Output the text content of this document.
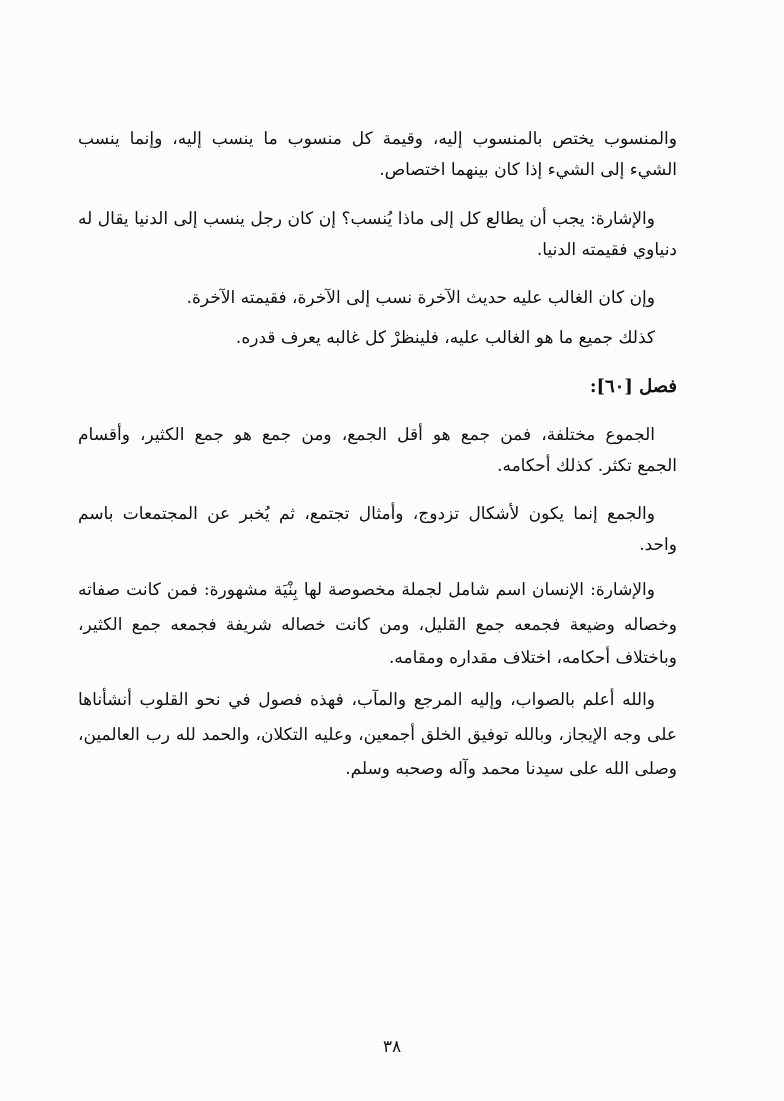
والمنسوب يختص بالمنسوب إليه، وقيمة كل منسوب ما ينسب إليه، وإنما ينسب
الشيء إلى الشيء إذا كان بينهما اختصاص.
والإشارة: يجب أن يطالع كل إلى ماذا يُنسب؟ إن كان رجل ينسب إلى الدنيا يقال له
دنياوي فقيمته الدنيا.
وإن كان الغالب عليه حديث الآخرة نسب إلى الآخرة، فقيمته الآخرة.
كذلك جميع ما هو الغالب عليه، فلينظرْ كل غالبه يعرف قدره.
فصل [٦٠]:
الجموع مختلفة، فمن جمع هو أقل الجمع، ومن جمع هو جمع الكثير، وأقسام
الجمع تكثر. كذلك أحكامه.
والجمع إنما يكون لأشكال تزدوج، وأمثال تجتمع، ثم يُخبر عن المجتمعات باسم
واحد.
والإشارة: الإنسان اسم شامل لجملة مخصوصة لها بِنْيَة مشهورة: فمن كانت صفاته
وخصاله وضيعة فجمعه جمع القليل، ومن كانت خصاله شريفة فجمعه جمع الكثير،
وباختلاف أحكامه، اختلاف مقداره ومقامه.
والله أعلم بالصواب، وإليه المرجع والمآب، فهذه فصول في نحو القلوب أنشأناها
على وجه الإيجاز، وبالله توفيق الخلق أجمعين، وعليه التكلان، والحمد لله رب العالمين،
وصلى الله على سيدنا محمد وآله وصحبه وسلم.
٣٨
